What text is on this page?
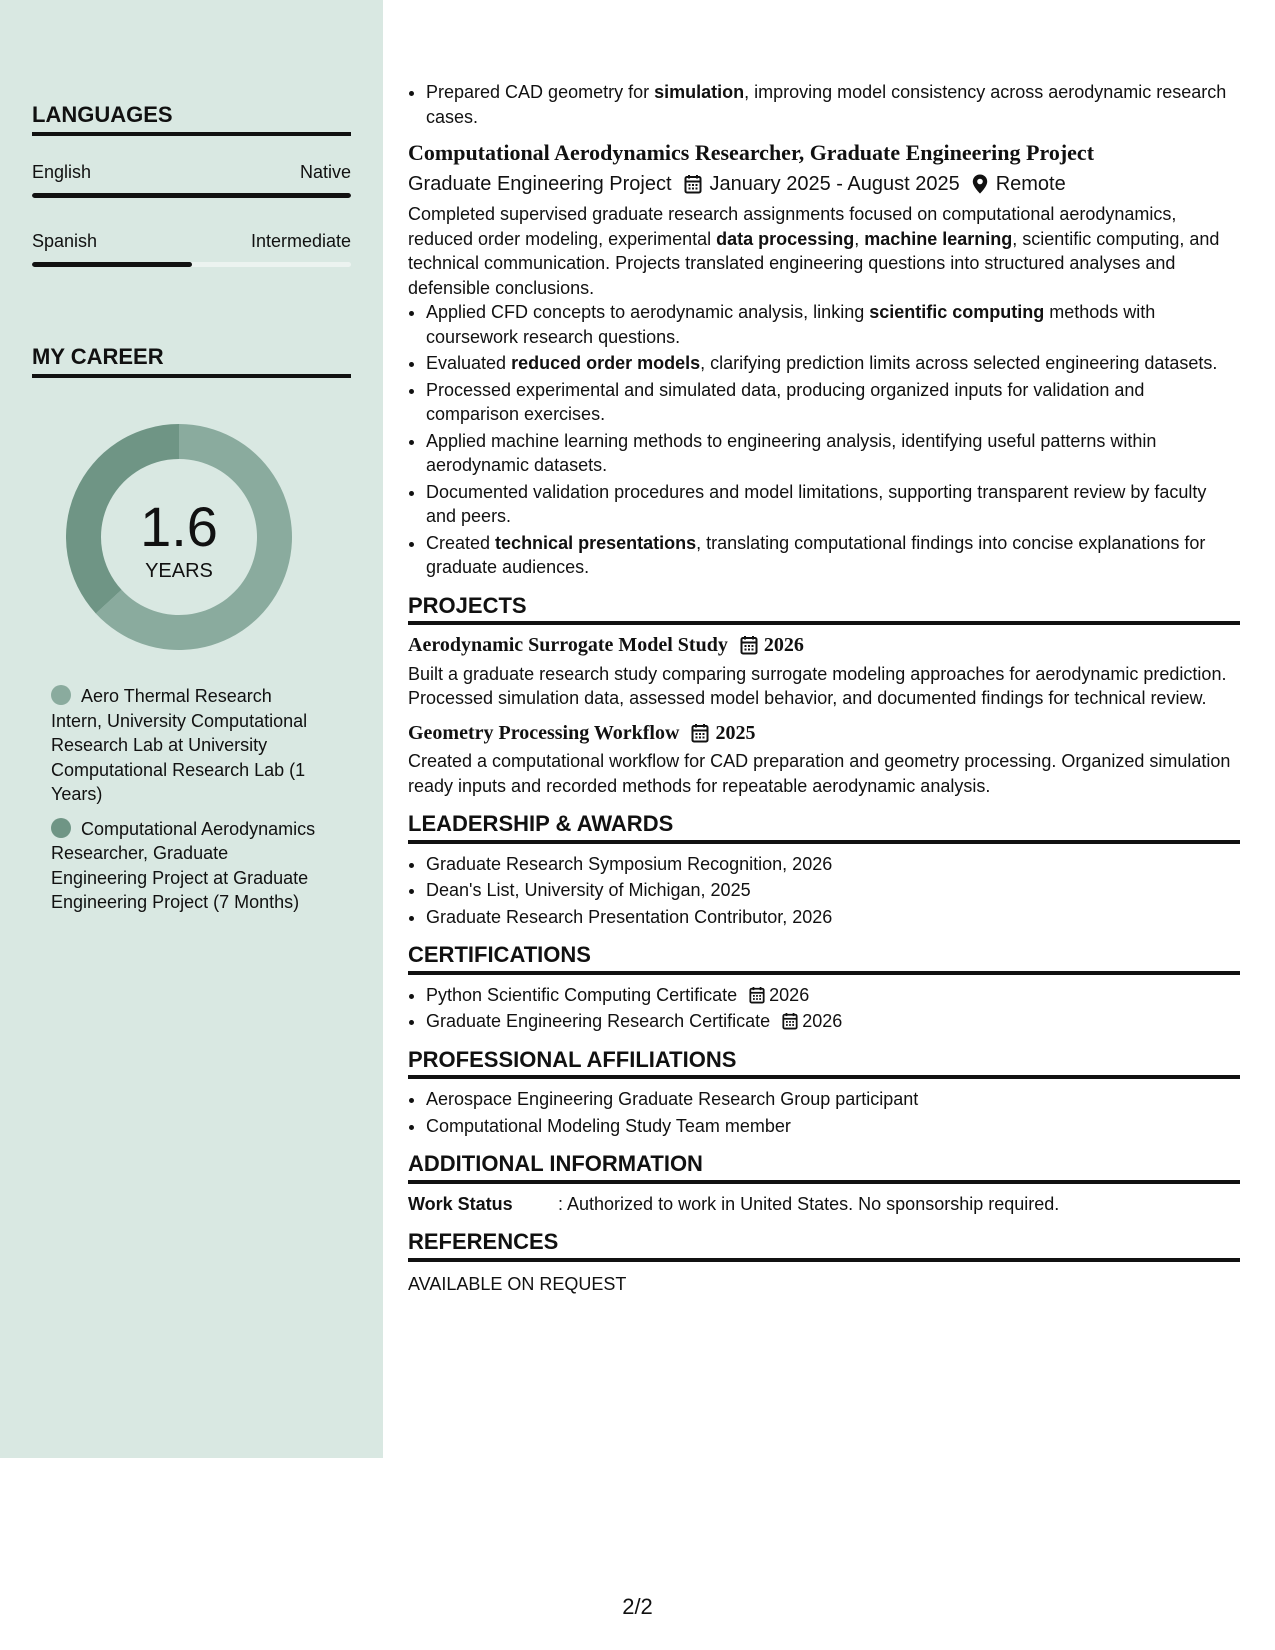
LANGUAGES
English	Native
Spanish	Intermediate
MY CAREER
1.6
YEARS
Aero Thermal Research Intern, University Computational Research Lab at University Computational Research Lab (1 Years)
Computational Aerodynamics Researcher, Graduate Engineering Project at Graduate Engineering Project (7 Months)
• Prepared CAD geometry for simulation, improving model consistency across aerodynamic research cases.
Computational Aerodynamics Researcher, Graduate Engineering Project
Graduate Engineering Project January 2025 - August 2025 Remote
Completed supervised graduate research assignments focused on computational aerodynamics, reduced order modeling, experimental data processing, machine learning, scientific computing, and technical communication. Projects translated engineering questions into structured analyses and defensible conclusions.
• Applied CFD concepts to aerodynamic analysis, linking scientific computing methods with coursework research questions.
• Evaluated reduced order models, clarifying prediction limits across selected engineering datasets.
• Processed experimental and simulated data, producing organized inputs for validation and comparison exercises.
• Applied machine learning methods to engineering analysis, identifying useful patterns within aerodynamic datasets.
• Documented validation procedures and model limitations, supporting transparent review by faculty and peers.
• Created technical presentations, translating computational findings into concise explanations for graduate audiences.
PROJECTS
Aerodynamic Surrogate Model Study 2026
Built a graduate research study comparing surrogate modeling approaches for aerodynamic prediction. Processed simulation data, assessed model behavior, and documented findings for technical review.
Geometry Processing Workflow 2025
Created a computational workflow for CAD preparation and geometry processing. Organized simulation ready inputs and recorded methods for repeatable aerodynamic analysis.
LEADERSHIP & AWARDS
• Graduate Research Symposium Recognition, 2026
• Dean's List, University of Michigan, 2025
• Graduate Research Presentation Contributor, 2026
CERTIFICATIONS
• Python Scientific Computing Certificate 2026
• Graduate Engineering Research Certificate 2026
PROFESSIONAL AFFILIATIONS
• Aerospace Engineering Graduate Research Group participant
• Computational Modeling Study Team member
ADDITIONAL INFORMATION
Work Status	: Authorized to work in United States. No sponsorship required.
REFERENCES
AVAILABLE ON REQUEST
2/2
